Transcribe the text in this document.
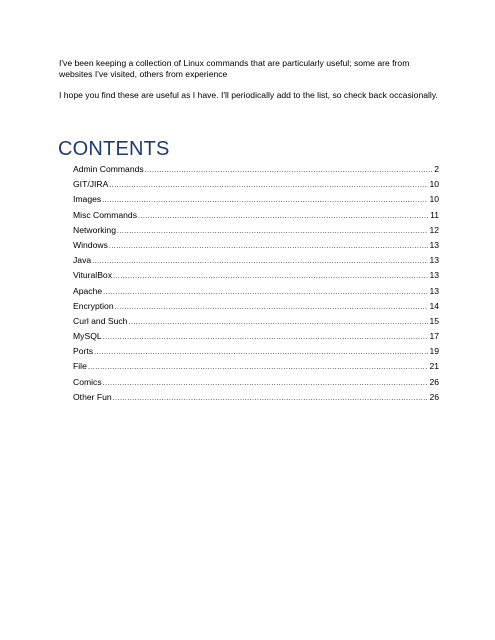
I've been keeping a collection of Linux commands that are particularly useful; some are from websites I've visited, others from experience

I hope you find these are useful as I have. I'll periodically add to the list, so check back occasionally.

CONTENTS
Admin Commands .....	2
GIT/JIRA .....	10
Images .....	10
Misc Commands .....	11
Networking .....	12
Windows .....	13
Java .....	13
VituralBox .....	13
Apache .....	13
Encryption .....	14
Curl and Such .....	15
MySQL .....	17
Ports .....	19
File .....	21
Comics .....	26
Other Fun .....	26
